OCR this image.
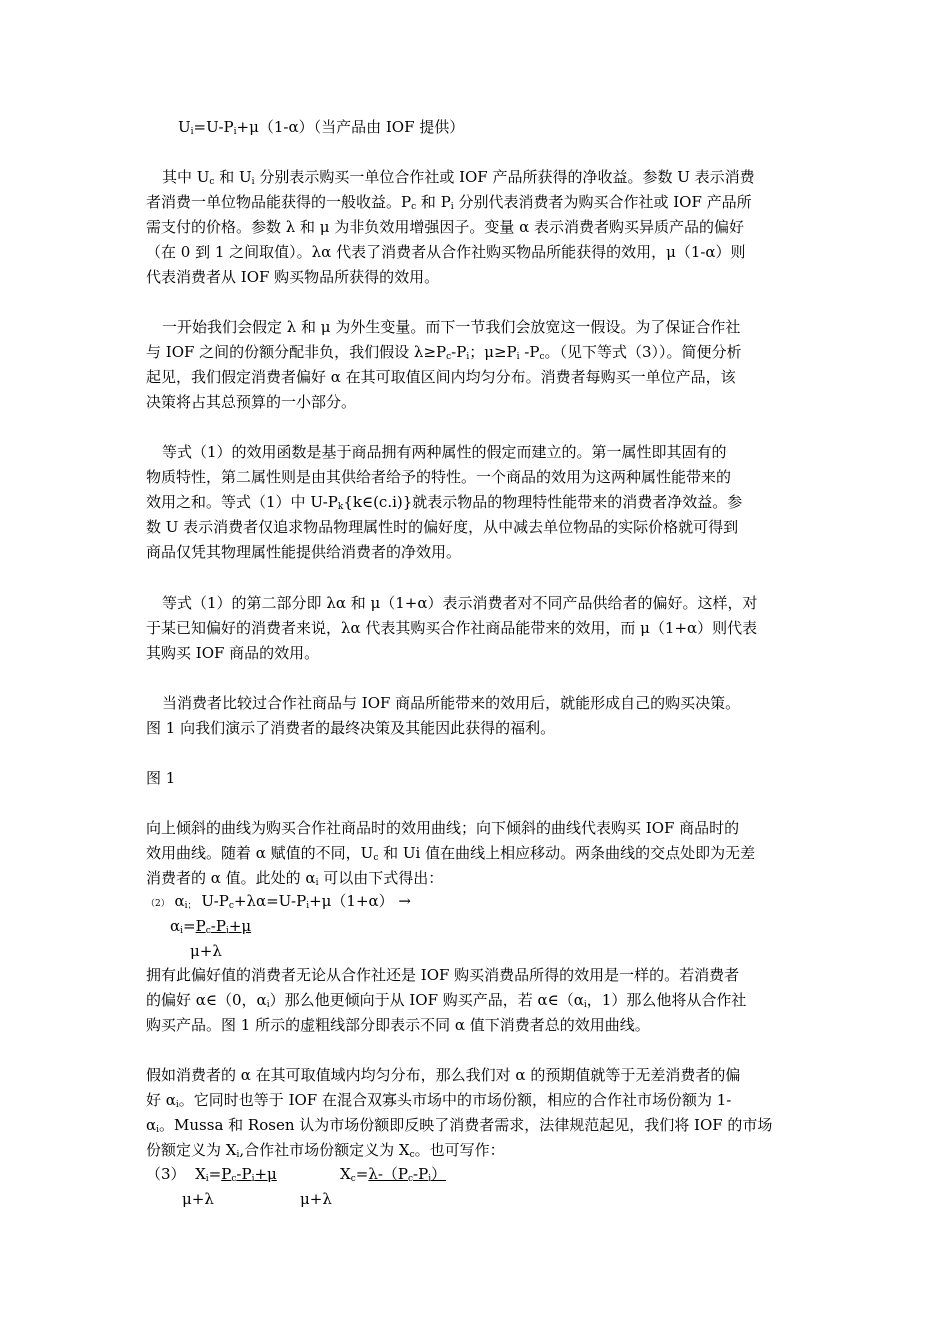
$U_i=U-P_i+\mu(1-\alpha)$（当产品由 IOF 提供）
其中 $U_c$ 和 $U_i$ 分别表示购买一单位合作社或 IOF 产品所获得的净收益。参数 U 表示消费
者消费一单位物品能获得的一般收益。$P_c$ 和 $P_i$ 分别代表消费者为购买合作社或 IOF 产品所
需支付的价格。参数 λ 和 μ 为非负效用增强因子。变量 α 表示消费者购买异质产品的偏好
（在 0 到 1 之间取值）。λα 代表了消费者从合作社购买物品所能获得的效用，μ（1-α）则
代表消费者从 IOF 购买物品所获得的效用。
一开始我们会假定 λ 和 μ 为外生变量。而下一节我们会放宽这一假设。为了保证合作社
与 IOF 之间的份额分配非负，我们假设 $\lambda\ge P_c-P_i$；$\mu\ge P_i$ $-P_c$。（见下等式（3））。简便分析
起见，我们假定消费者偏好 α 在其可取值区间内均匀分布。消费者每购买一单位产品，该
决策将占其总预算的一小部分。
等式（1）的效用函数是基于商品拥有两种属性的假定而建立的。第一属性即其固有的
物质特性，第二属性则是由其供给者给予的特性。一个商品的效用为这两种属性能带来的
效用之和。等式（1）中 $U-P_k\{k\in(c.i)\}$就表示物品的物理特性能带来的消费者净效益。参
数 U 表示消费者仅追求物品物理属性时的偏好度，从中减去单位物品的实际价格就可得到
商品仅凭其物理属性能提供给消费者的净效用。
等式（1）的第二部分即 λα 和 μ（1+α）表示消费者对不同产品供给者的偏好。这样，对
于某已知偏好的消费者来说，λα 代表其购买合作社商品能带来的效用，而 μ（1+α）则代表
其购买 IOF 商品的效用。
当消费者比较过合作社商品与 IOF 商品所能带来的效用后，就能形成自己的购买决策。
图 1 向我们演示了消费者的最终决策及其能因此获得的福利。
图 1
向上倾斜的曲线为购买合作社商品时的效用曲线；向下倾斜的曲线代表购买 IOF 商品时的
效用曲线。随着 α 赋值的不同，$U_c$ 和 Ui 值在曲线上相应移动。两条曲线的交点处即为无差
消费者的 α 值。此处的 $\alpha_i$ 可以由下式得出：
（2） $\alpha_{i;}$ $U-P_c+\lambda\alpha=U-P_i+\mu(1+\alpha)$ →
$\alpha_i=P_c-P_i+\mu$
μ+λ
拥有此偏好值的消费者无论从合作社还是 IOF 购买消费品所得的效用是一样的。若消费者
的偏好 α∈（0，$\alpha_i$）那么他更倾向于从 IOF 购买产品，若 $\alpha\in(\alpha_i$，1）那么他将从合作社
购买产品。图 1 所示的虚粗线部分即表示不同 α 值下消费者总的效用曲线。
假如消费者的 α 在其可取值域内均匀分布，那么我们对 α 的预期值就等于无差消费者的偏
好 $\alpha_i$。它同时也等于 IOF 在混合双寡头市场中的市场份额，相应的合作社市场份额为 1-
$\alpha_i$。Mussa 和 Rosen 认为市场份额即反映了消费者需求，法律规范起见，我们将 IOF 的市场
份额定义为 $X_i$,合作社市场份额定义为 $X_c$。也可写作：
（3） $X_i=P_c-P_i+\mu$	$X_c=\lambda-(P_c-P_i)$
μ+λ	μ+λ
